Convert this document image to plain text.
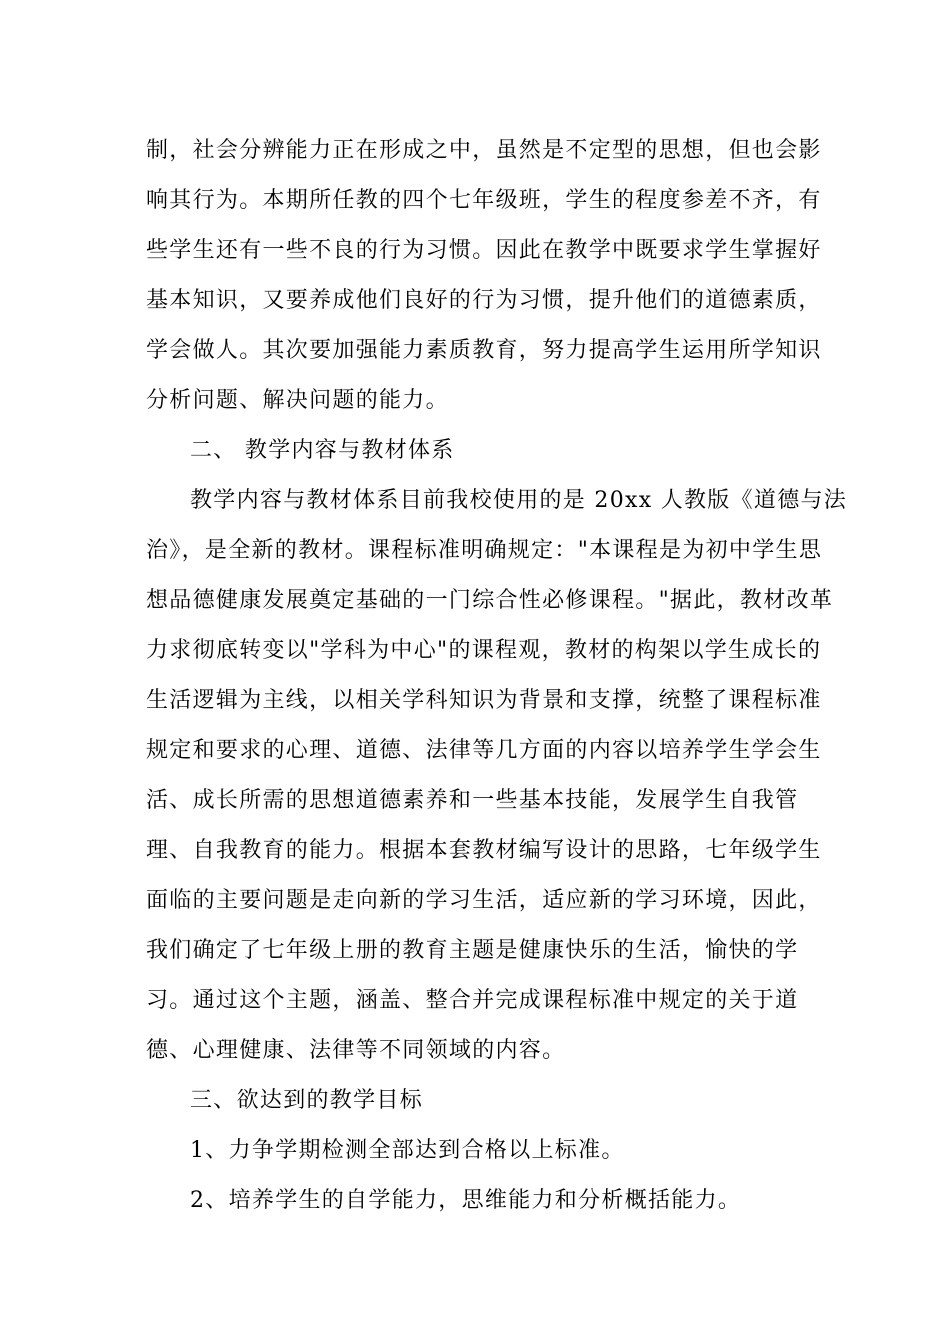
制，社会分辨能力正在形成之中，虽然是不定型的思想，但也会影
响其行为。本期所任教的四个七年级班，学生的程度参差不齐，有
些学生还有一些不良的行为习惯。因此在教学中既要求学生掌握好
基本知识，又要养成他们良好的行为习惯，提升他们的道德素质，
学会做人。其次要加强能力素质教育，努力提高学生运用所学知识
分析问题、解决问题的能力。
二、 教学内容与教材体系
教学内容与教材体系目前我校使用的是 20xx 人教版《道德与法
治》，是全新的教材。课程标准明确规定："本课程是为初中学生思
想品德健康发展奠定基础的一门综合性必修课程。"据此，教材改革
力求彻底转变以"学科为中心"的课程观，教材的构架以学生成长的
生活逻辑为主线，以相关学科知识为背景和支撑，统整了课程标准
规定和要求的心理、道德、法律等几方面的内容以培养学生学会生
活、成长所需的思想道德素养和一些基本技能，发展学生自我管
理、自我教育的能力。根据本套教材编写设计的思路，七年级学生
面临的主要问题是走向新的学习生活，适应新的学习环境，因此，
我们确定了七年级上册的教育主题是健康快乐的生活，愉快的学
习。通过这个主题，涵盖、整合并完成课程标准中规定的关于道
德、心理健康、法律等不同领域的内容。
三、欲达到的教学目标
1、力争学期检测全部达到合格以上标准。
2、培养学生的自学能力，思维能力和分析概括能力。
